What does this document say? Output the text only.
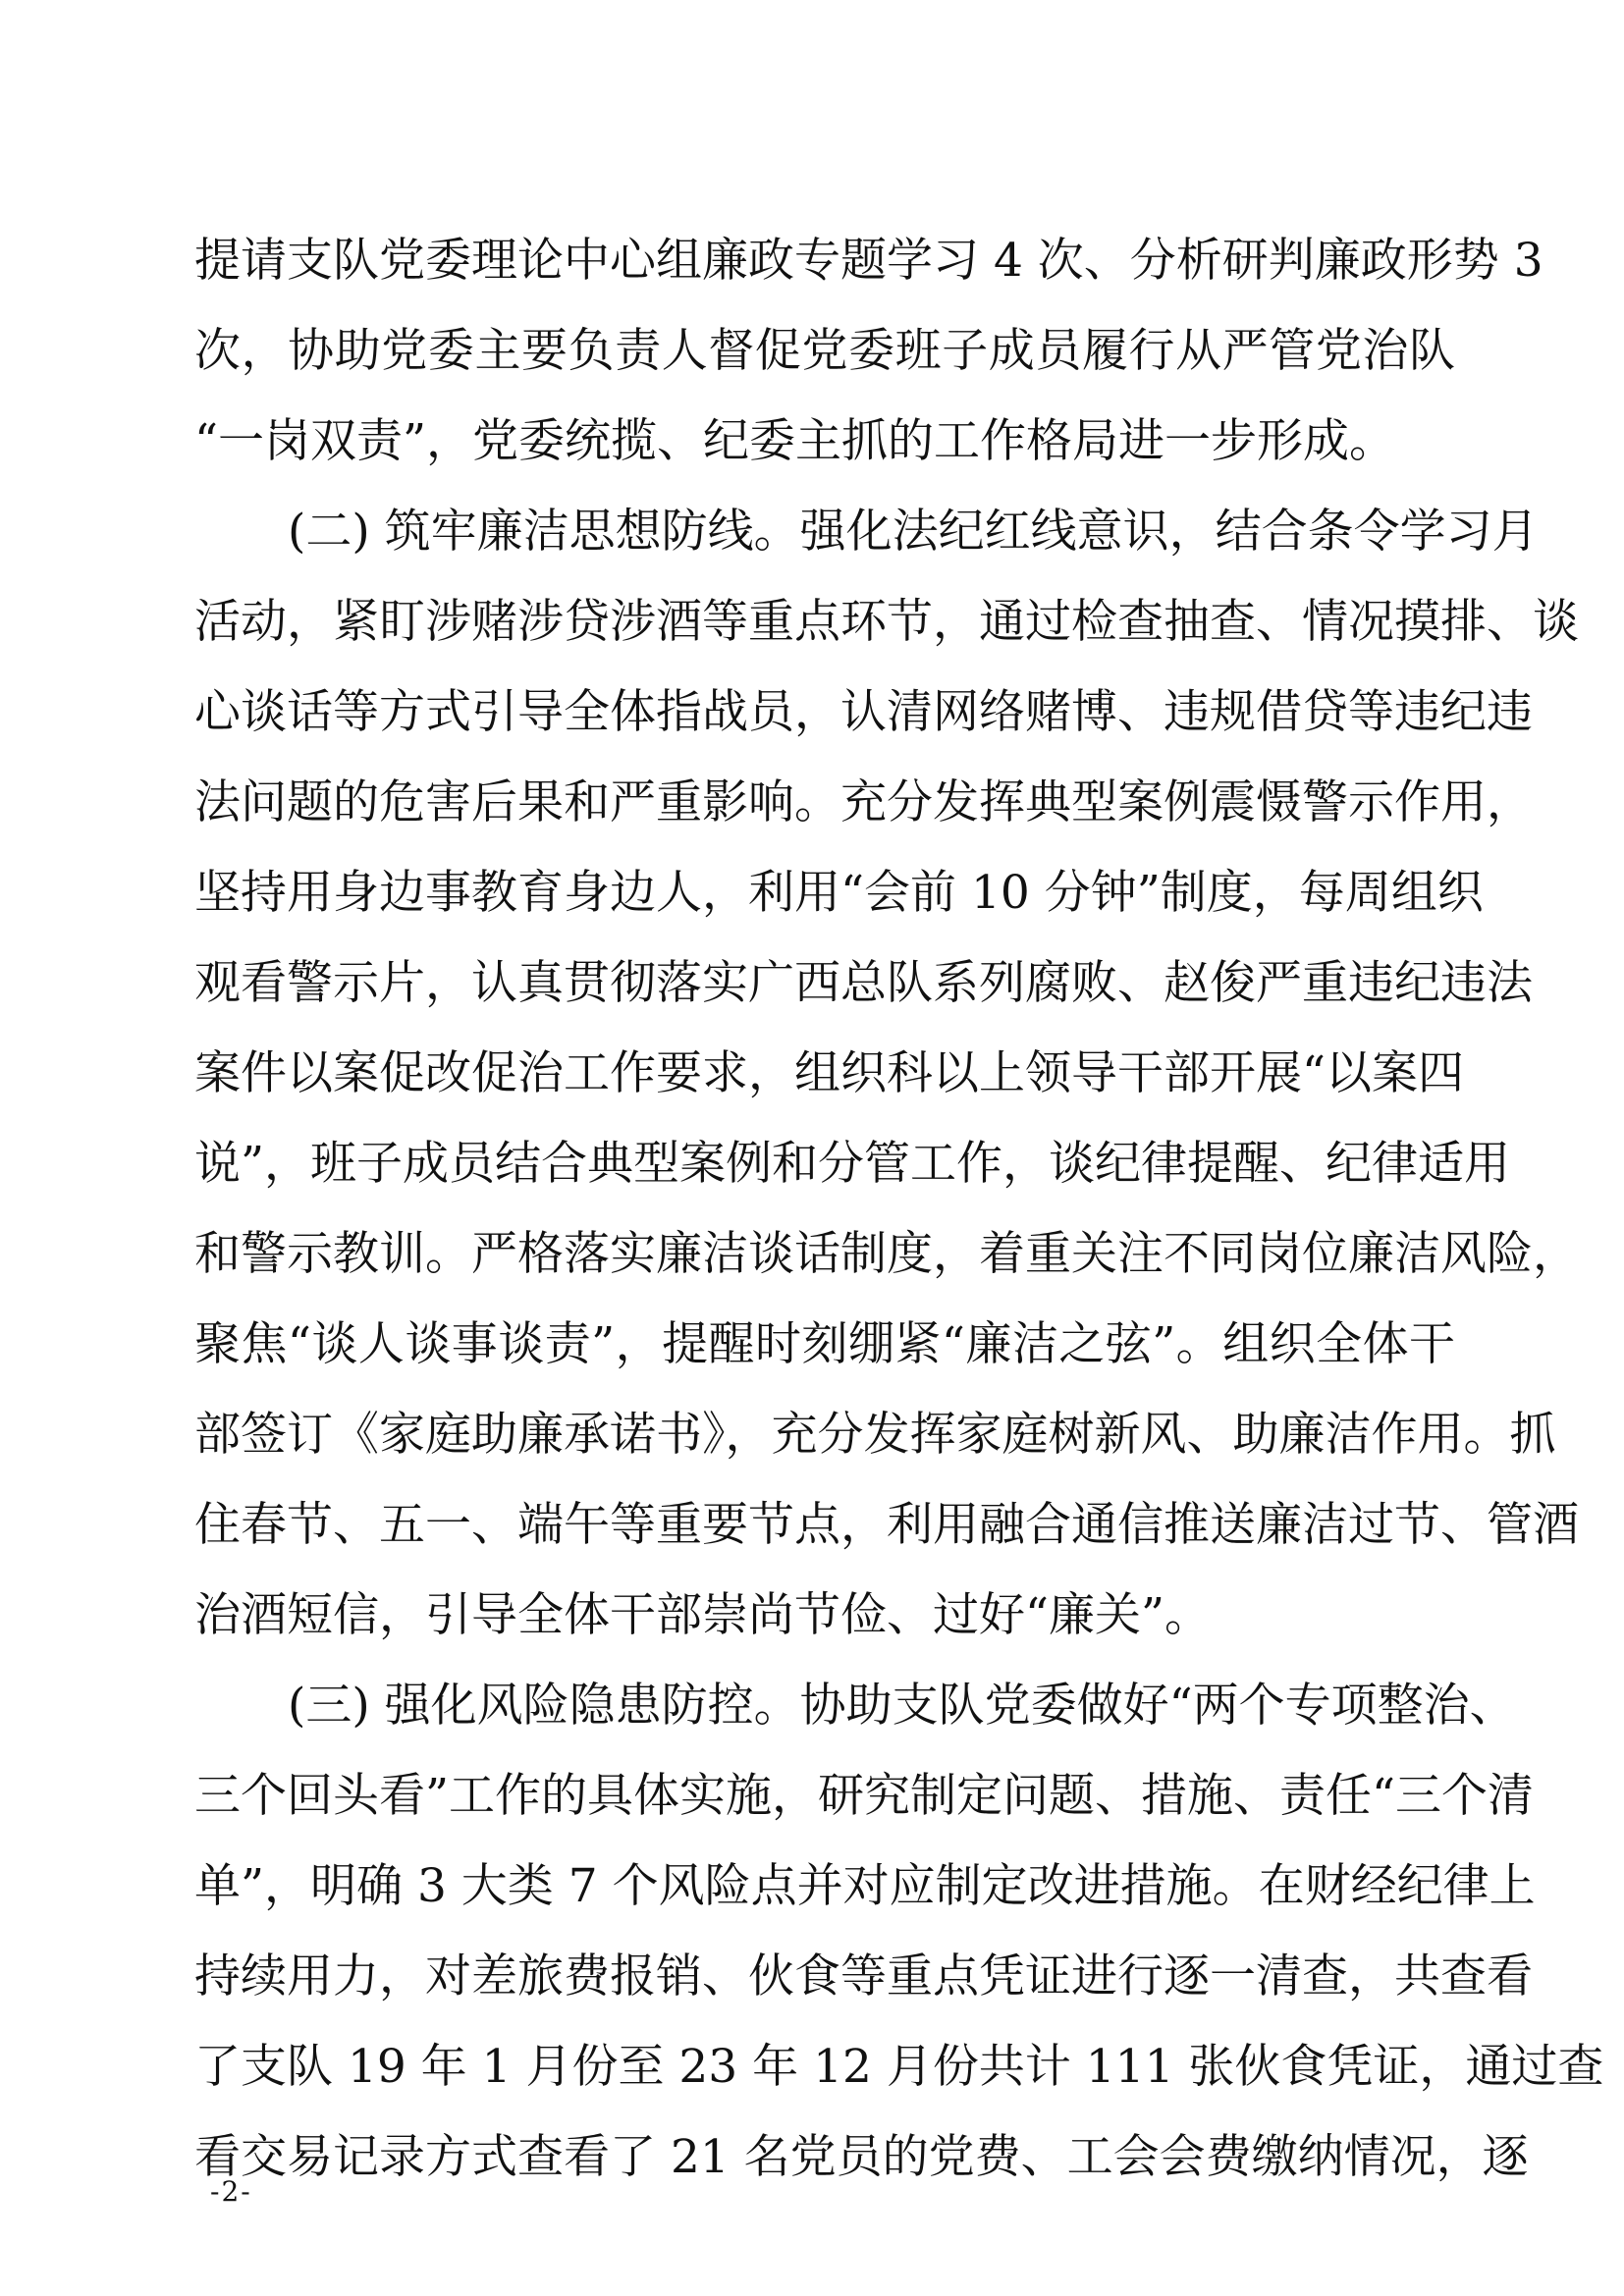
提请支队党委理论中心组廉政专题学习 4 次、分析研判廉政形势 3
次，协助党委主要负责人督促党委班子成员履行从严管党治队
“一岗双责”，党委统揽、纪委主抓的工作格局进一步形成。
(二) 筑牢廉洁思想防线。强化法纪红线意识，结合条令学习月
活动，紧盯涉赌涉贷涉酒等重点环节，通过检查抽查、情况摸排、谈
心谈话等方式引导全体指战员，认清网络赌博、违规借贷等违纪违
法问题的危害后果和严重影响。充分发挥典型案例震慑警示作用，
坚持用身边事教育身边人，利用“会前 10 分钟”制度，每周组织
观看警示片，认真贯彻落实广西总队系列腐败、赵俊严重违纪违法
案件以案促改促治工作要求，组织科以上领导干部开展“以案四
说”，班子成员结合典型案例和分管工作，谈纪律提醒、纪律适用
和警示教训。严格落实廉洁谈话制度，着重关注不同岗位廉洁风险，
聚焦“谈人谈事谈责”，提醒时刻绷紧“廉洁之弦”。组织全体干
部签订《家庭助廉承诺书》，充分发挥家庭树新风、助廉洁作用。抓
住春节、五一、端午等重要节点，利用融合通信推送廉洁过节、管酒
治酒短信，引导全体干部崇尚节俭、过好“廉关”。
(三) 强化风险隐患防控。协助支队党委做好“两个专项整治、
三个回头看”工作的具体实施，研究制定问题、措施、责任“三个清
单”，明确 3 大类 7 个风险点并对应制定改进措施。在财经纪律上
持续用力，对差旅费报销、伙食等重点凭证进行逐一清查，共查看
了支队 19 年 1 月份至 23 年 12 月份共计 111 张伙食凭证，通过查
看交易记录方式查看了 21 名党员的党费、工会会费缴纳情况，逐
-2-
